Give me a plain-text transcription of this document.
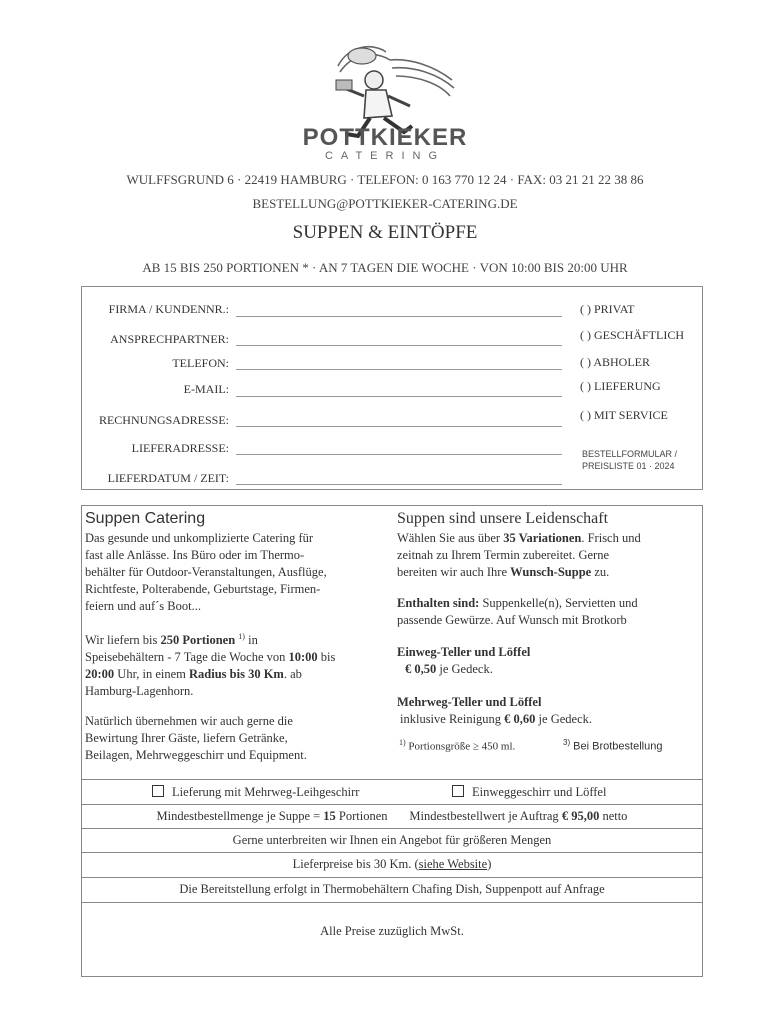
POTTKIEKER
CATERING
WULFFSGRUND 6 · 22419 HAMBURG · TELEFON: 0 163 770 12 24 · FAX: 03 21 21 22 38 86
BESTELLUNG@POTTKIEKER-CATERING.DE
SUPPEN & EINTÖPFE
AB 15 BIS 250 PORTIONEN * · AN 7 TAGEN DIE WOCHE · VON 10:00 BIS 20:00 UHR
FIRMA / KUNDENNR.:
ANSPRECHPARTNER:
TELEFON:
E-MAIL:
RECHNUNGSADRESSE:
LIEFERADRESSE:
LIEFERDATUM / ZEIT:
( ) PRIVAT
( ) GESCHÄFTLICH
( ) ABHOLER
( ) LIEFERUNG
( ) MIT SERVICE
BESTELLFORMULAR /
PREISLISTE 01 · 2024
Suppen Catering
Das gesunde und unkomplizierte Catering für
fast alle Anlässe. Ins Büro oder im Thermo-
behälter für Outdoor-Veranstaltungen, Ausflüge,
Richtfeste, Polterabende, Geburtstage, Firmen-
feiern und auf´s Boot...
Wir liefern bis 250 Portionen $^{1)}$ in
Speisebehältern - 7 Tage die Woche von 10:00 bis
20:00 Uhr, in einem Radius bis 30 Km. ab
Hamburg-Lagenhorn.
Natürlich übernehmen wir auch gerne die
Bewirtung Ihrer Gäste, liefern Getränke,
Beilagen, Mehrweggeschirr und Equipment.
Suppen sind unsere Leidenschaft
Wählen Sie aus über 35 Variationen. Frisch und
zeitnah zu Ihrem Termin zubereitet. Gerne
bereiten wir auch Ihre Wunsch-Suppe zu.
Enthalten sind: Suppenkelle(n), Servietten und
passende Gewürze. Auf Wunsch mit Brotkorb
Einweg-Teller und Löffel
€ 0,50 je Gedeck.
Mehrweg-Teller und Löffel
inklusive Reinigung € 0,60 je Gedeck.
$^{1)}$ Portionsgröße ≥ 450 ml.	$^{3)}$ Bei Brotbestellung
Lieferung mit Mehrweg-Leihgeschirr	Einweggeschirr und Löffel
Mindestbestellmenge je Suppe = 15 Portionen Mindestbestellwert je Auftrag € 95,00 netto
Gerne unterbreiten wir Ihnen ein Angebot für größeren Mengen
Lieferpreise bis 30 Km. (siehe Website)
Die Bereitstellung erfolgt in Thermobehältern Chafing Dish, Suppenpott auf Anfrage
Alle Preise zuzüglich MwSt.
